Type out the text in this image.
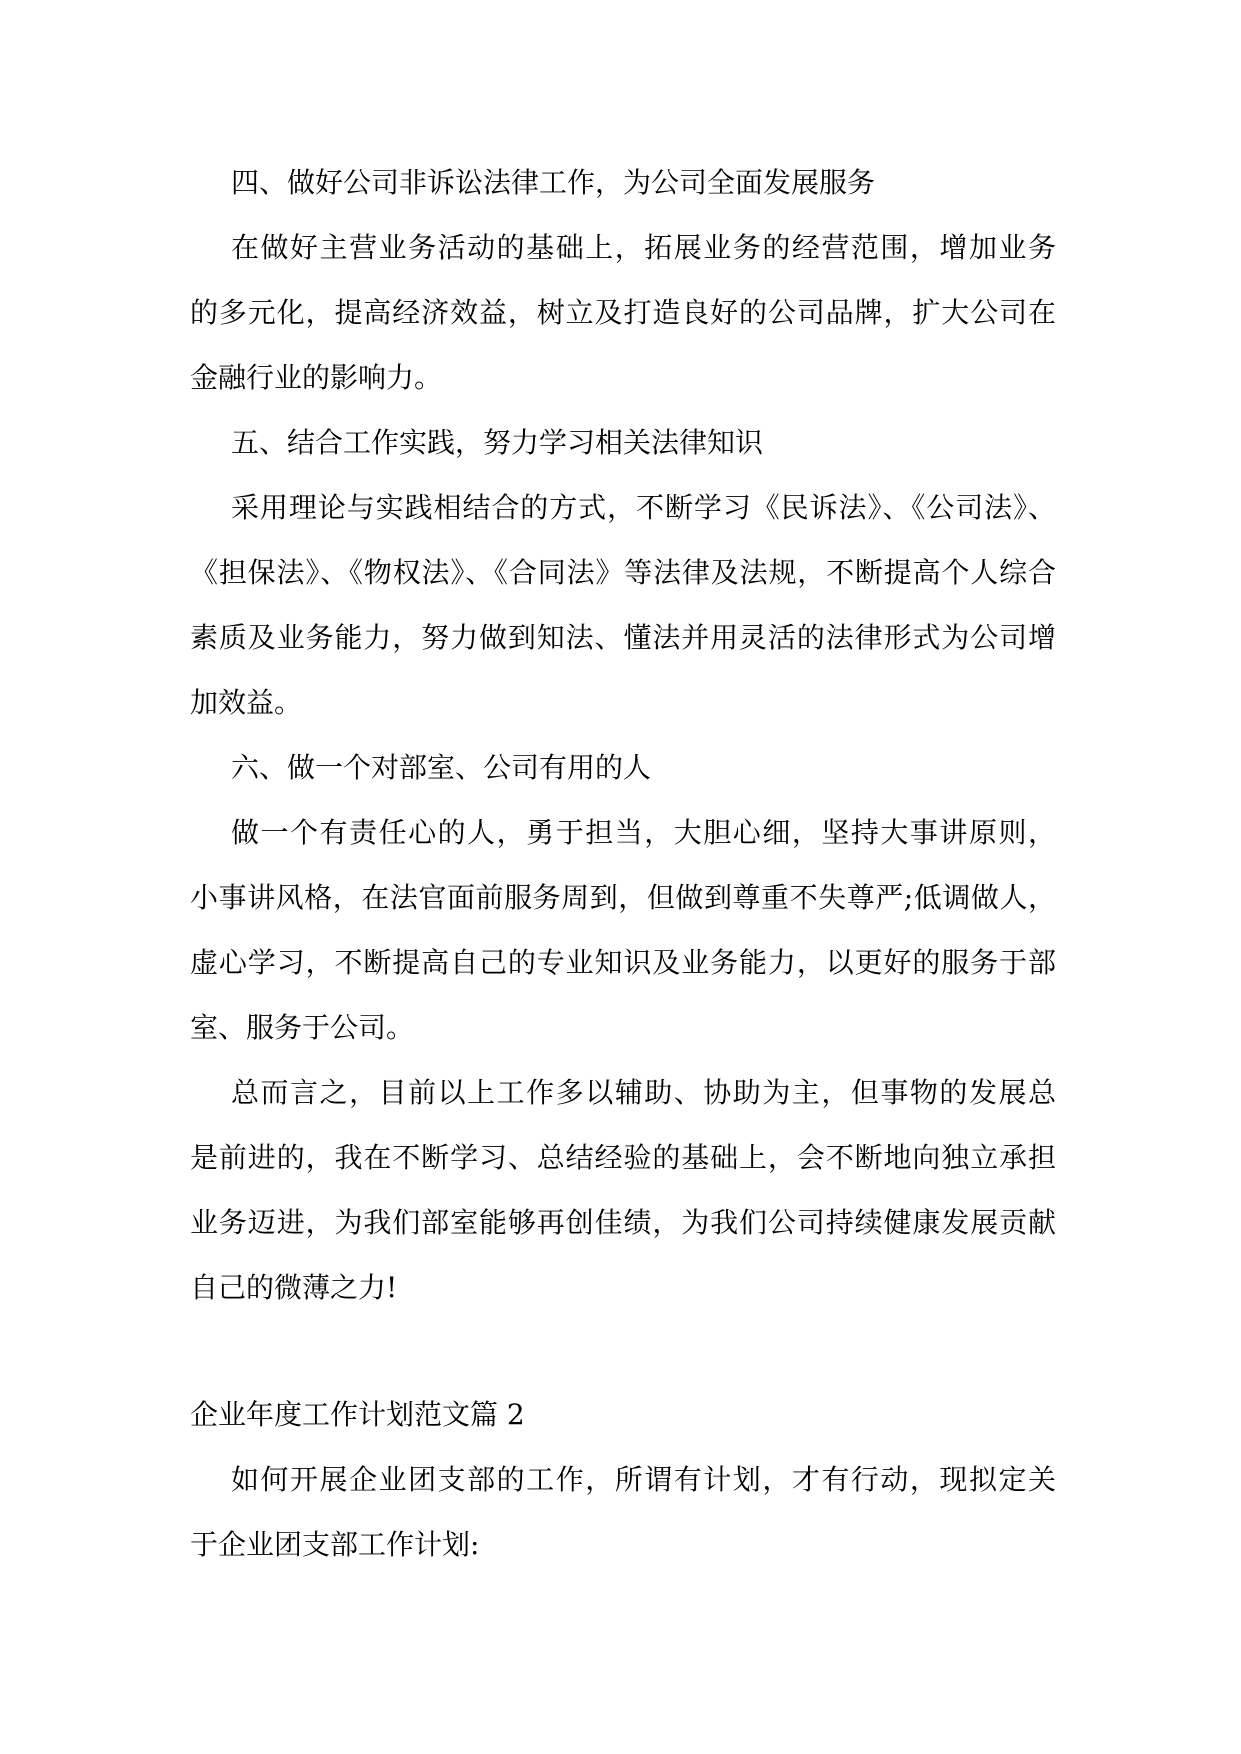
四、做好公司非诉讼法律工作，为公司全面发展服务
在做好主营业务活动的基础上，拓展业务的经营范围，增加业务
的多元化，提高经济效益，树立及打造良好的公司品牌，扩大公司在
金融行业的影响力。
五、结合工作实践，努力学习相关法律知识
采用理论与实践相结合的方式，不断学习《民诉法》、《公司法》、
《担保法》、《物权法》、《合同法》等法律及法规，不断提高个人综合
素质及业务能力，努力做到知法、懂法并用灵活的法律形式为公司增
加效益。
六、做一个对部室、公司有用的人
做一个有责任心的人，勇于担当，大胆心细，坚持大事讲原则，
小事讲风格，在法官面前服务周到，但做到尊重不失尊严;低调做人，
虚心学习，不断提高自己的专业知识及业务能力，以更好的服务于部
室、服务于公司。
总而言之，目前以上工作多以辅助、协助为主，但事物的发展总
是前进的，我在不断学习、总结经验的基础上，会不断地向独立承担
业务迈进，为我们部室能够再创佳绩，为我们公司持续健康发展贡献
自己的微薄之力!
企业年度工作计划范文篇 2
如何开展企业团支部的工作，所谓有计划，才有行动，现拟定关
于企业团支部工作计划:
